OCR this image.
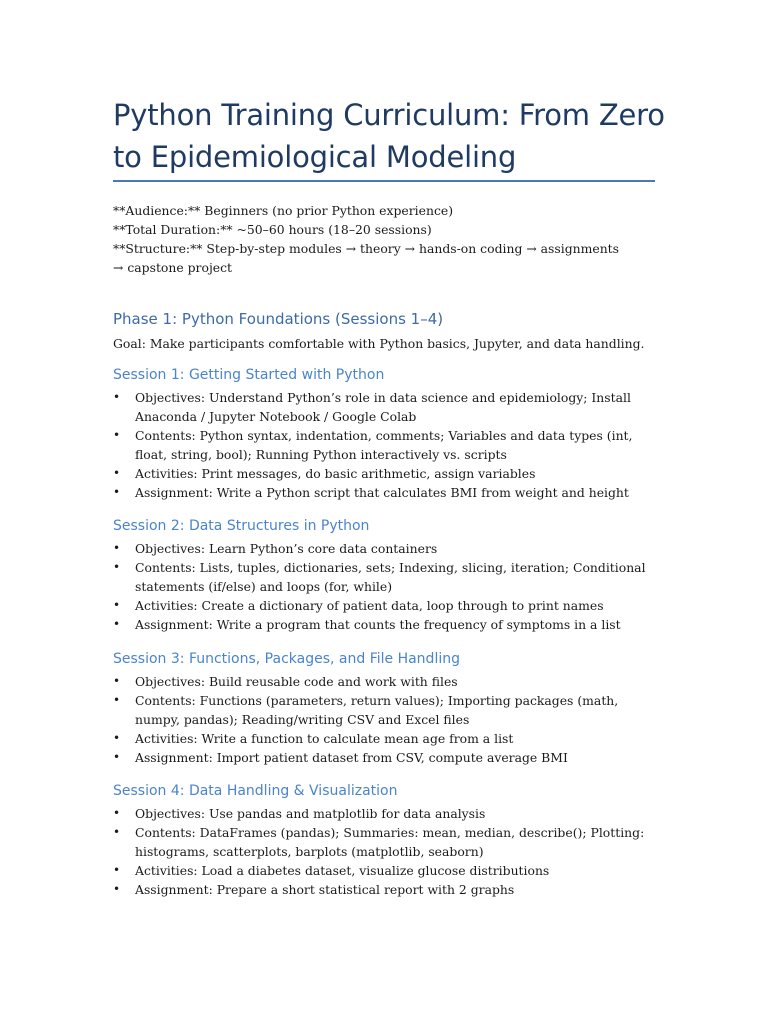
Python Training Curriculum: From Zero to Epidemiological Modeling
**Audience:** Beginners (no prior Python experience)
**Total Duration:** ~50–60 hours (18–20 sessions)
**Structure:** Step-by-step modules → theory → hands-on coding → assignments → capstone project
Phase 1: Python Foundations (Sessions 1–4)
Goal: Make participants comfortable with Python basics, Jupyter, and data handling.
Session 1: Getting Started with Python
• Objectives: Understand Python’s role in data science and epidemiology; Install Anaconda / Jupyter Notebook / Google Colab
• Contents: Python syntax, indentation, comments; Variables and data types (int, float, string, bool); Running Python interactively vs. scripts
• Activities: Print messages, do basic arithmetic, assign variables
• Assignment: Write a Python script that calculates BMI from weight and height
Session 2: Data Structures in Python
• Objectives: Learn Python’s core data containers
• Contents: Lists, tuples, dictionaries, sets; Indexing, slicing, iteration; Conditional statements (if/else) and loops (for, while)
• Activities: Create a dictionary of patient data, loop through to print names
• Assignment: Write a program that counts the frequency of symptoms in a list
Session 3: Functions, Packages, and File Handling
• Objectives: Build reusable code and work with files
• Contents: Functions (parameters, return values); Importing packages (math, numpy, pandas); Reading/writing CSV and Excel files
• Activities: Write a function to calculate mean age from a list
• Assignment: Import patient dataset from CSV, compute average BMI
Session 4: Data Handling & Visualization
• Objectives: Use pandas and matplotlib for data analysis
• Contents: DataFrames (pandas); Summaries: mean, median, describe(); Plotting: histograms, scatterplots, barplots (matplotlib, seaborn)
• Activities: Load a diabetes dataset, visualize glucose distributions
• Assignment: Prepare a short statistical report with 2 graphs
